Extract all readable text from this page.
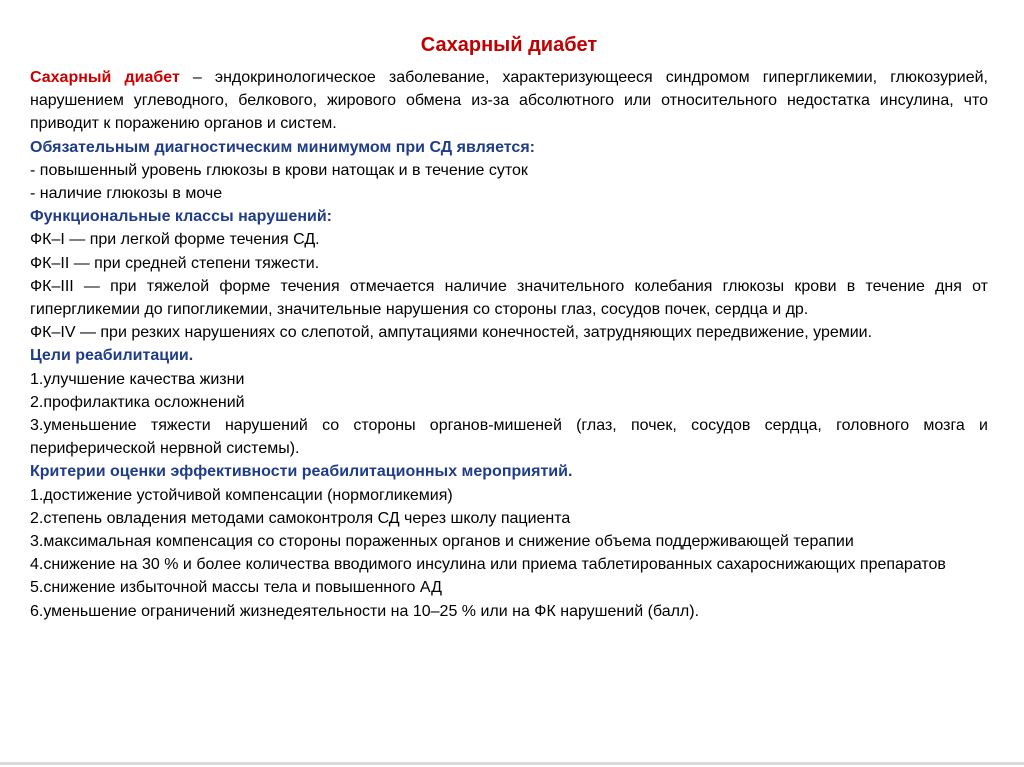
Сахарный диабет

Сахарный диабет – эндокринологическое заболевание, характеризующееся синдромом гипергликемии, глюкозурией, нарушением углеводного, белкового, жирового обмена из-за абсолютного или относительного недостатка инсулина, что приводит к поражению органов и систем.

Обязательным диагностическим минимумом при СД является:

- повышенный уровень глюкозы в крови натощак и в течение суток

- наличие глюкозы в моче

Функциональные классы нарушений:

ФК–I — при легкой форме течения СД.

ФК–II — при средней степени тяжести.

ФК–III — при тяжелой форме течения отмечается наличие значительного колебания глюкозы крови в течение дня от гипергликемии до гипогликемии, значительные нарушения со стороны глаз, сосудов почек, сердца и др.

ФК–IV — при резких нарушениях со слепотой, ампутациями конечностей, затрудняющих передвижение, уремии.

Цели реабилитации.

1.улучшение качества жизни

2.профилактика осложнений

3.уменьшение тяжести нарушений со стороны органов-мишеней (глаз, почек, сосудов сердца, головного мозга и периферической нервной системы).

Критерии оценки эффективности реабилитационных мероприятий.

1.достижение устойчивой компенсации (нормогликемия)

2.степень овладения методами самоконтроля СД через школу пациента

3.максимальная компенсация со стороны пораженных органов и снижение объема поддерживающей терапии

4.снижение на 30 % и более количества вводимого инсулина или приема таблетированных сахароснижающих препаратов

5.снижение избыточной массы тела и повышенного АД

6.уменьшение ограничений жизнедеятельности на 10–25 % или на ФК нарушений (балл).
